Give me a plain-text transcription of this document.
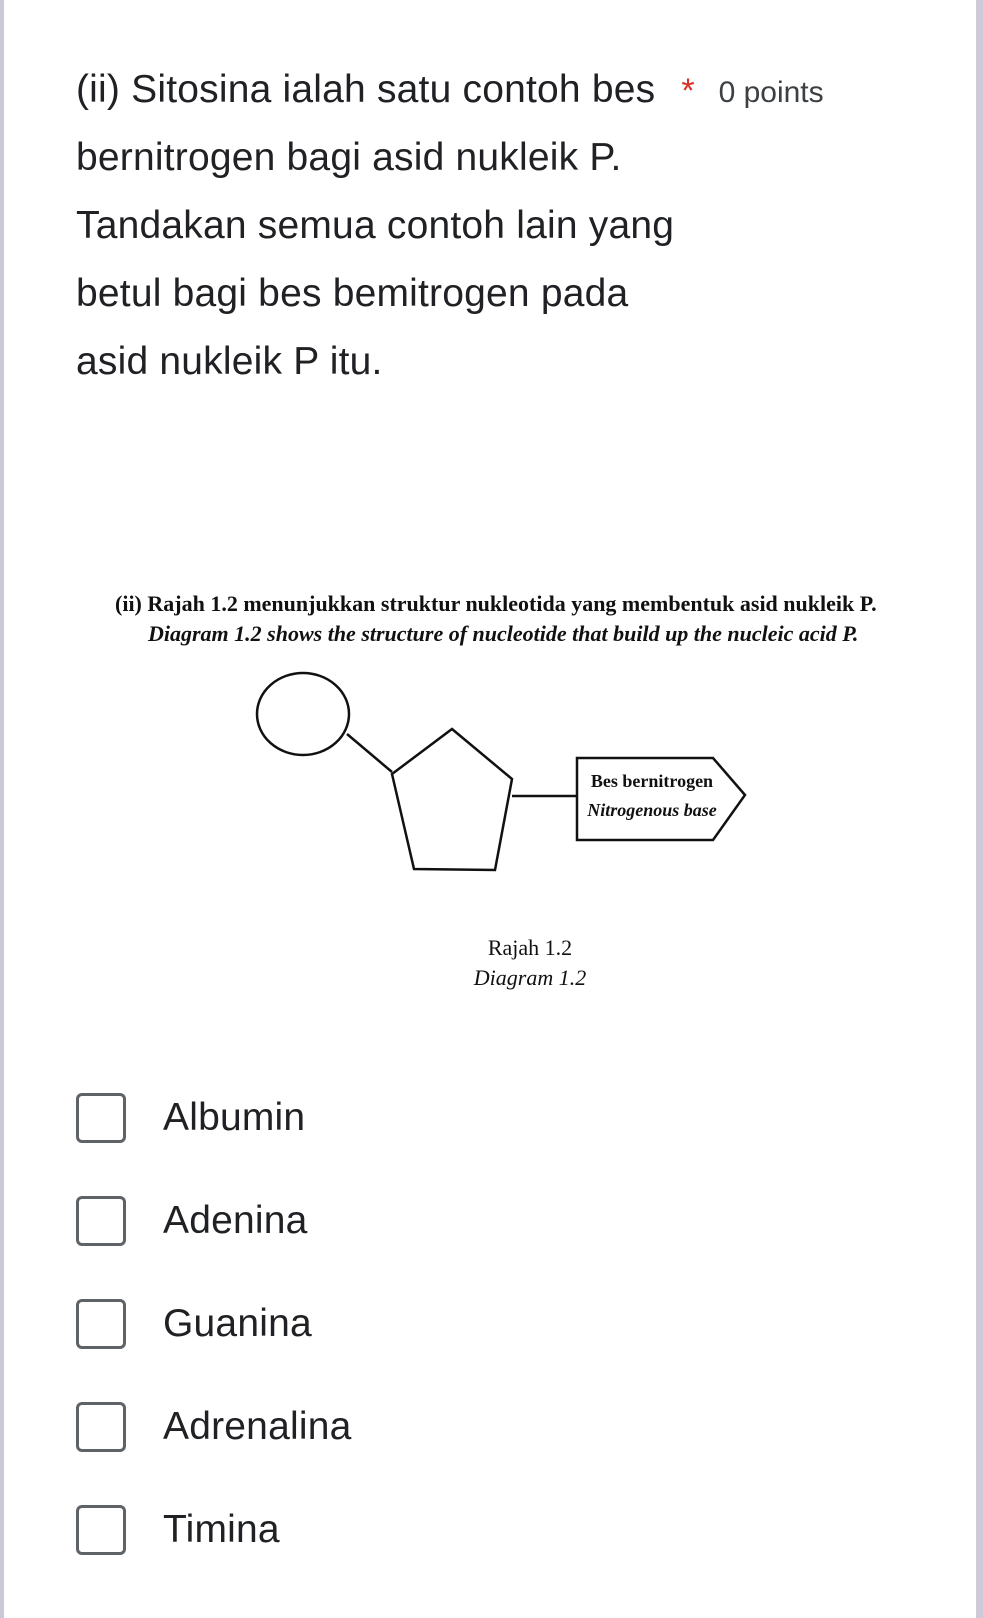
(ii) Sitosina ialah satu contoh bes * 0 points
bernitrogen bagi asid nukleik P.
Tandakan semua contoh lain yang
betul bagi bes bemitrogen pada
asid nukleik P itu.
(ii) Rajah 1.2 menunjukkan struktur nukleotida yang membentuk asid nukleik P.
Diagram 1.2 shows the structure of nucleotide that build up the nucleic acid P.
Bes bernitrogen
Nitrogenous base
Rajah 1.2
Diagram 1.2
Albumin
Adenina
Guanina
Adrenalina
Timina
